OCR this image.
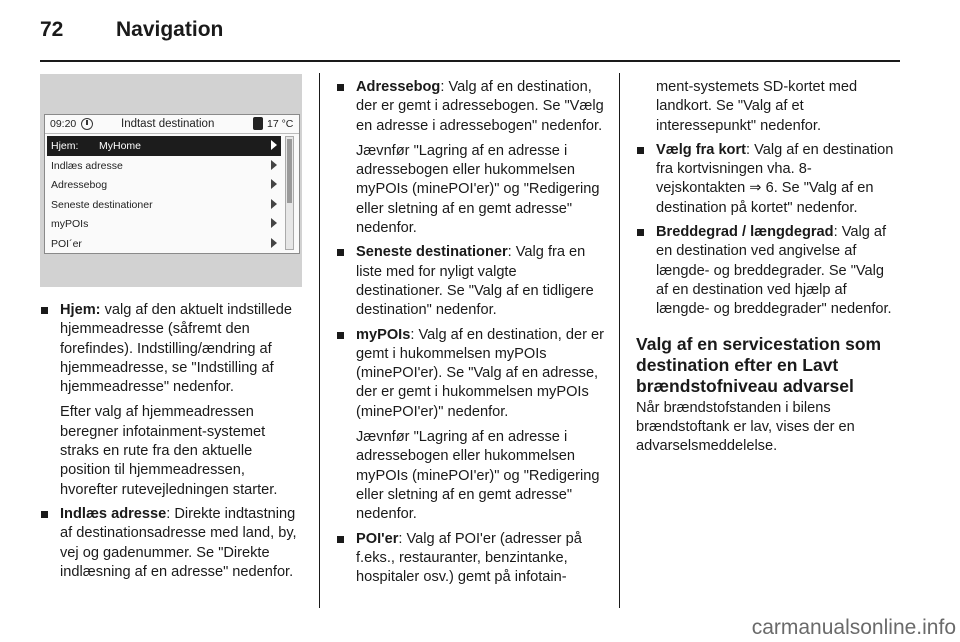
72	Navigation
09:20	Indtast destination	17 °C
Hjem: MyHome
Indlæs adresse
Adressebog
Seneste destinationer
myPOIs
POI´er

Hjem: valg af den aktuelt indstillede hjemmeadresse (såfremt den forefindes). Indstilling/ændring af hjemmeadresse, se "Indstilling af hjemmeadresse" nedenfor.

Efter valg af hjemmeadressen beregner infotainment-systemet straks en rute fra den aktuelle position til hjemmeadressen, hvorefter rutevejledningen starter.

Indlæs adresse: Direkte indtastning af destinationsadresse med land, by, vej og gadenummer. Se "Direkte indlæsning af en adresse" nedenfor.

Adressebog: Valg af en destination, der er gemt i adressebogen. Se "Vælg en adresse i adressebogen" nedenfor.

Jævnfør "Lagring af en adresse i adressebogen eller hukommelsen myPOIs (minePOI'er)" og "Redigering eller sletning af en gemt adresse" nedenfor.

Seneste destinationer: Valg fra en liste med for nyligt valgte destinationer. Se "Valg af en tidligere destination" nedenfor.

myPOIs: Valg af en destination, der er gemt i hukommelsen myPOIs (minePOI'er). Se "Valg af en adresse, der er gemt i hukommelsen myPOIs (minePOI'er)" nedenfor.

Jævnfør "Lagring af en adresse i adressebogen eller hukommelsen myPOIs (minePOI'er)" og "Redigering eller sletning af en gemt adresse" nedenfor.

POI'er: Valg af POI'er (adresser på f.eks., restauranter, benzintanke, hospitaler osv.) gemt på infotain-

ment-systemets SD-kortet med landkort. Se "Valg af et interessepunkt" nedenfor.

Vælg fra kort: Valg af en destination fra kortvisningen vha. 8-vejskontakten ⇒ 6. Se "Valg af en destination på kortet" nedenfor.

Breddegrad / længdegrad: Valg af en destination ved angivelse af længde- og breddegrader. Se "Valg af en destination ved hjælp af længde- og breddegrader" nedenfor.

Valg af en servicestation som destination efter en Lavt brændstofniveau advarsel

Når brændstofstanden i bilens brændstoftank er lav, vises der en advarselsmeddelelse.

carmanualsonline.info
